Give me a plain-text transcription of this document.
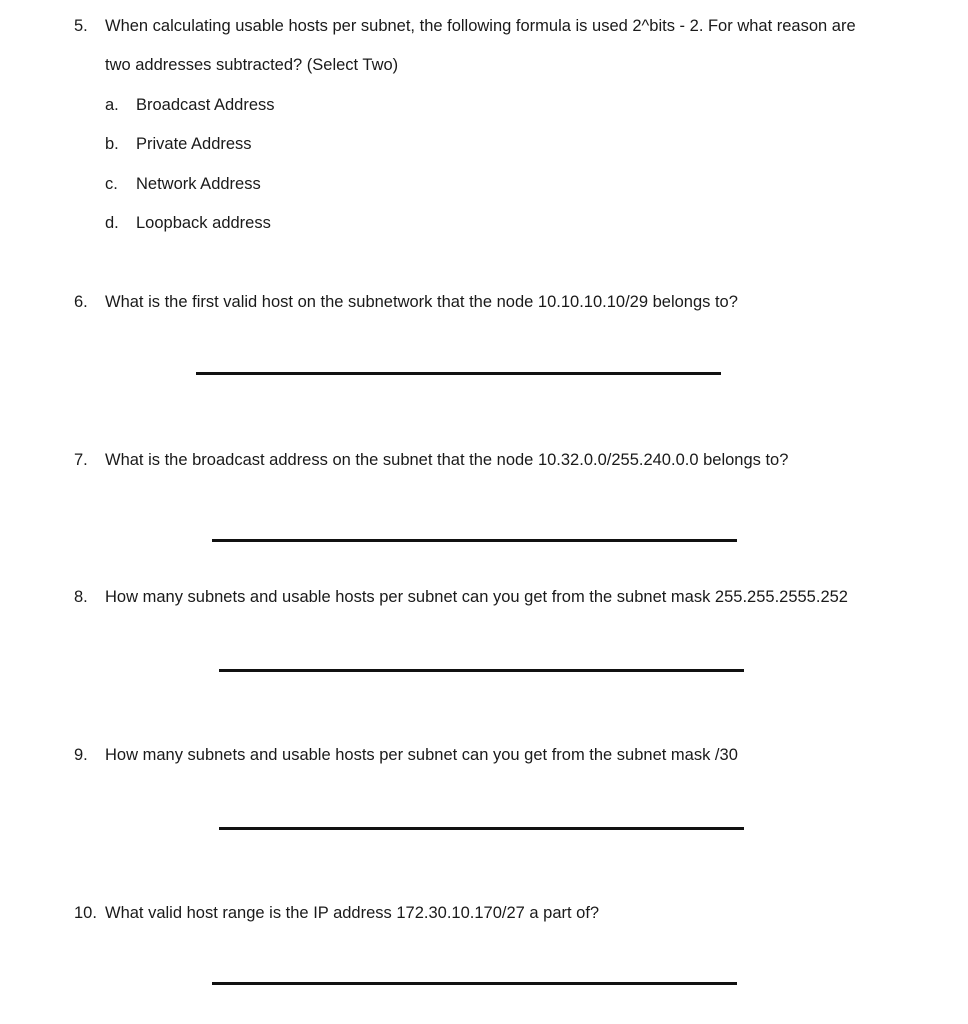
5. When calculating usable hosts per subnet, the following formula is used 2^bits - 2. For what reason are
two addresses subtracted? (Select Two)
a. Broadcast Address
b. Private Address
c. Network Address
d. Loopback address
6. What is the first valid host on the subnetwork that the node 10.10.10.10/29 belongs to?
7. What is the broadcast address on the subnet that the node 10.32.0.0/255.240.0.0 belongs to?
8. How many subnets and usable hosts per subnet can you get from the subnet mask 255.255.2555.252
9. How many subnets and usable hosts per subnet can you get from the subnet mask /30
10. What valid host range is the IP address 172.30.10.170/27 a part of?
